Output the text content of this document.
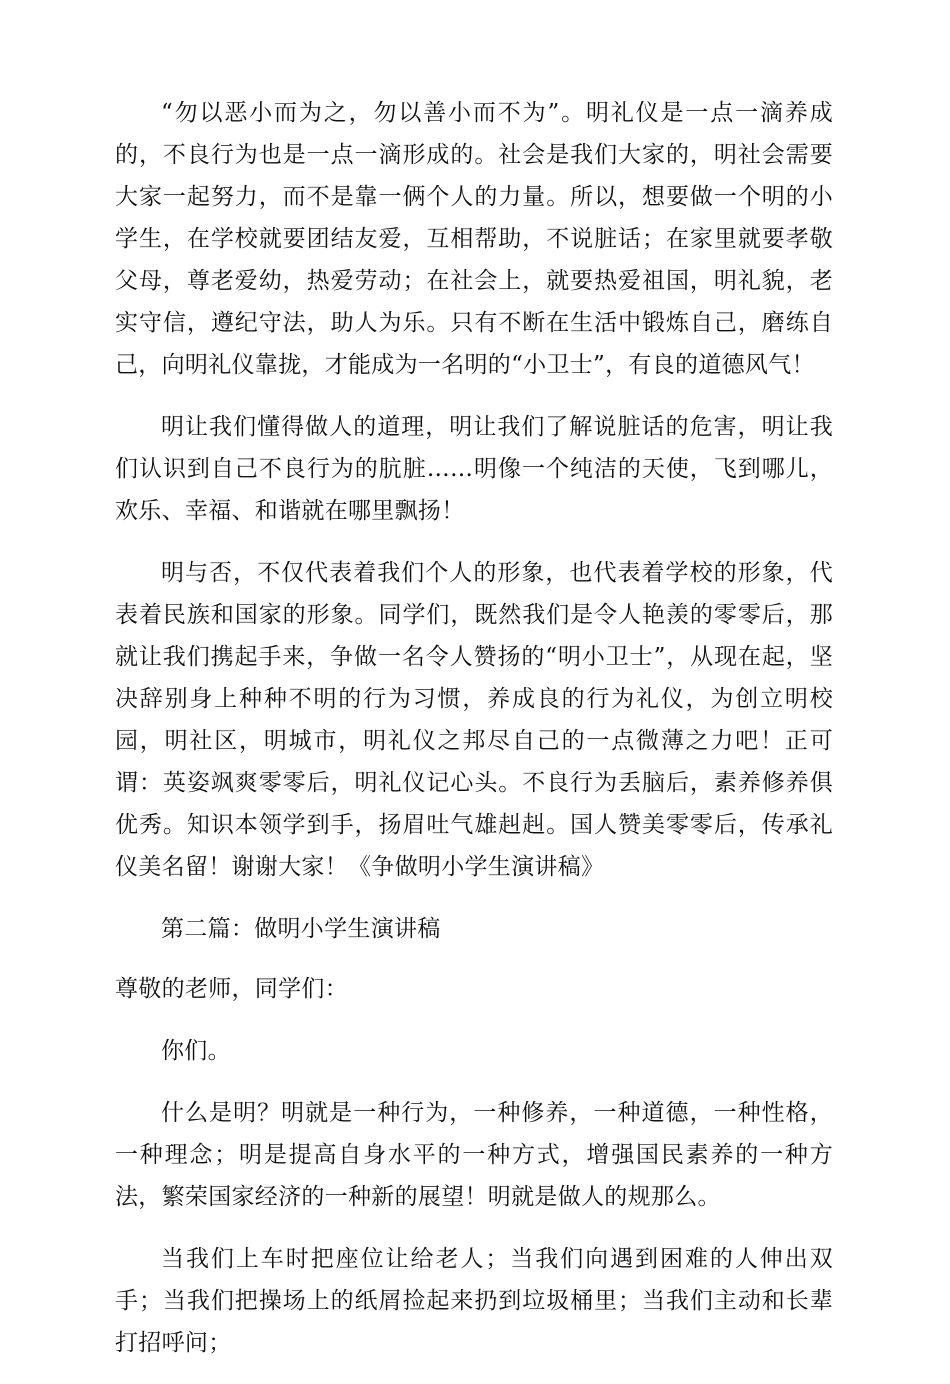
“勿以恶小而为之，勿以善小而不为”。明礼仪是一点一滴养成的，不良行为也是一点一滴形成的。社会是我们大家的，明社会需要大家一起努力，而不是靠一俩个人的力量。所以，想要做一个明的小学生，在学校就要团结友爱，互相帮助，不说脏话；在家里就要孝敬父母，尊老爱幼，热爱劳动；在社会上，就要热爱祖国，明礼貌，老实守信，遵纪守法，助人为乐。只有不断在生活中锻炼自己，磨练自己，向明礼仪靠拢，才能成为一名明的“小卫士”，有良的道德风气！

明让我们懂得做人的道理，明让我们了解说脏话的危害，明让我们认识到自己不良行为的肮脏……明像一个纯洁的天使，飞到哪儿，欢乐、幸福、和谐就在哪里飘扬！

明与否，不仅代表着我们个人的形象，也代表着学校的形象，代表着民族和国家的形象。同学们，既然我们是令人艳羡的零零后，那就让我们携起手来，争做一名令人赞扬的“明小卫士”，从现在起，坚决辞别身上种种不明的行为习惯，养成良的行为礼仪，为创立明校园，明社区，明城市，明礼仪之邦尽自己的一点微薄之力吧！正可谓：英姿飒爽零零后，明礼仪记心头。不良行为丢脑后，素养修养俱优秀。知识本领学到手，扬眉吐气雄赳赳。国人赞美零零后，传承礼仪美名留！谢谢大家！《争做明小学生演讲稿》

第二篇：做明小学生演讲稿

尊敬的老师，同学们：

你们。

什么是明？明就是一种行为，一种修养，一种道德，一种性格，一种理念；明是提高自身水平的一种方式，增强国民素养的一种方法，繁荣国家经济的一种新的展望！明就是做人的规那么。

当我们上车时把座位让给老人；当我们向遇到困难的人伸出双手；当我们把操场上的纸屑捡起来扔到垃圾桶里；当我们主动和长辈打招呼问；
